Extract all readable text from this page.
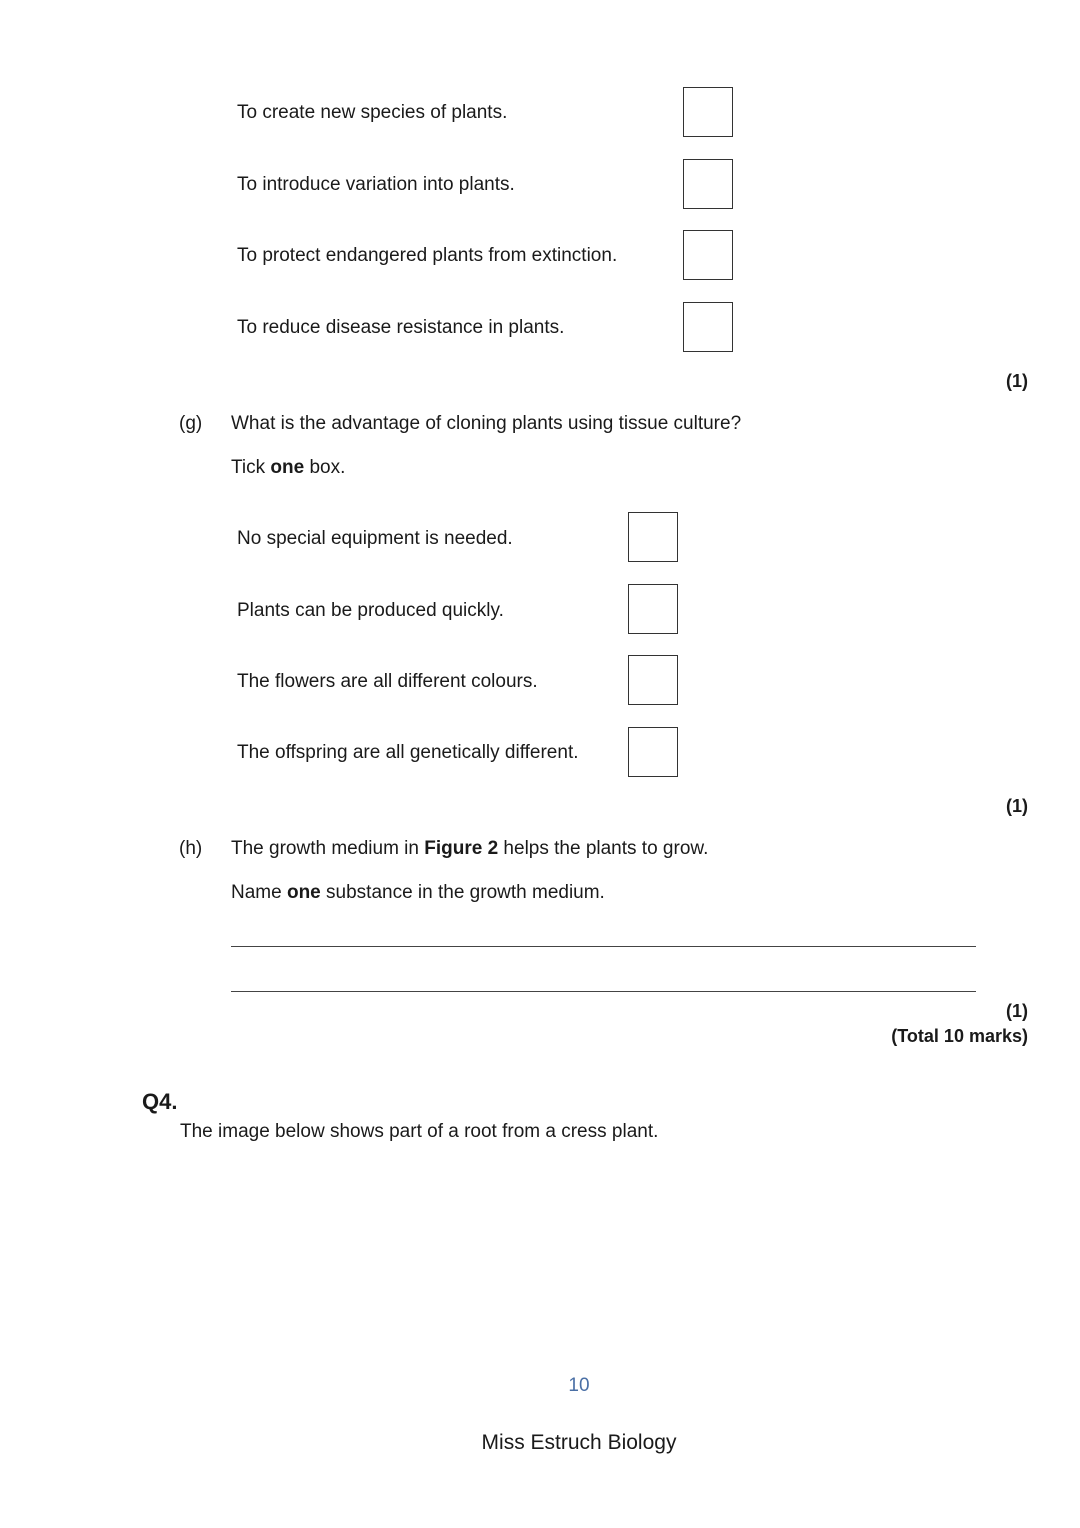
To create new species of plants.
To introduce variation into plants.
To protect endangered plants from extinction.
To reduce disease resistance in plants.
(1)
(g) What is the advantage of cloning plants using tissue culture?
Tick one box.
No special equipment is needed.
Plants can be produced quickly.
The flowers are all different colours.
The offspring are all genetically different.
(1)
(h) The growth medium in Figure 2 helps the plants to grow.
Name one substance in the growth medium.
(1)
(Total 10 marks)
Q4.
The image below shows part of a root from a cress plant.
10
Miss Estruch Biology
